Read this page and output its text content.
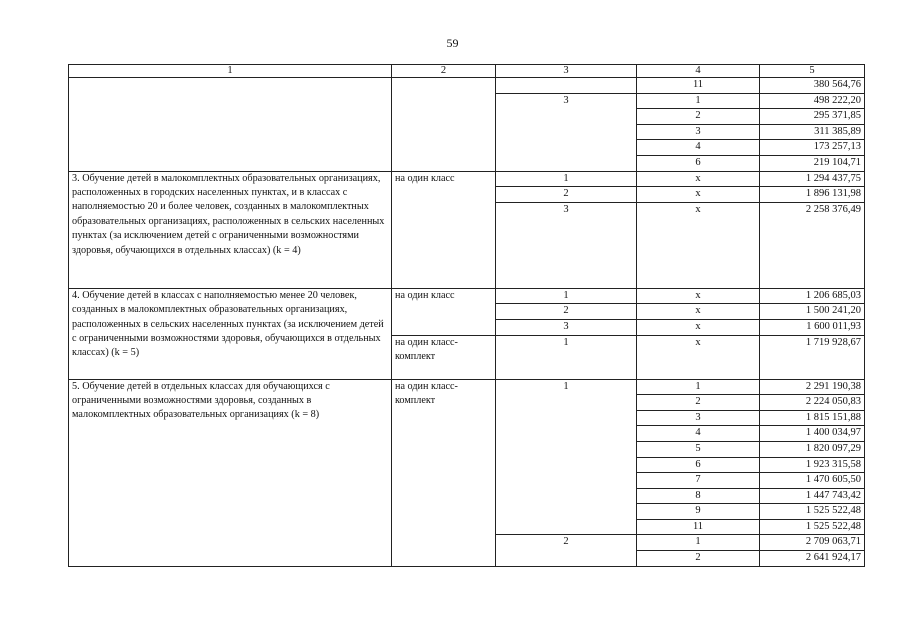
59
1	2	3	4	5
			11	380 564,76
		3	1	498 222,20
			2	295 371,85
			3	311 385,89
			4	173 257,13
			6	219 104,71
3. Обучение детей в малокомплектных образовательных организациях, расположенных в городских населенных пунктах, и в классах с наполняемостью 20 и более человек, созданных в малокомплектных образовательных организациях, расположенных в сельских населенных пунктах (за исключением детей с ограниченными возможностями здоровья, обучающихся в отдельных классах) (k = 4)	на один класс	1	х	1 294 437,75
		2	х	1 896 131,98
		3	х	2 258 376,49
4. Обучение детей в классах с наполняемостью менее 20 человек, созданных в малокомплектных образовательных организациях, расположенных в сельских населенных пунктах (за исключением детей с ограниченными возможностями здоровья, обучающихся в отдельных классах) (k = 5)	на один класс	1	х	1 206 685,03
		2	х	1 500 241,20
		3	х	1 600 011,93
	на один класс-комплект	1	х	1 719 928,67
5. Обучение детей в отдельных классах для обучающихся с ограниченными возможностями здоровья, созданных в малокомплектных образовательных организациях (k = 8)	на один класс-комплект	1	1	2 291 190,38
			2	2 224 050,83
			3	1 815 151,88
			4	1 400 034,97
			5	1 820 097,29
			6	1 923 315,58
			7	1 470 605,50
			8	1 447 743,42
			9	1 525 522,48
			11	1 525 522,48
		2	1	2 709 063,71
			2	2 641 924,17
